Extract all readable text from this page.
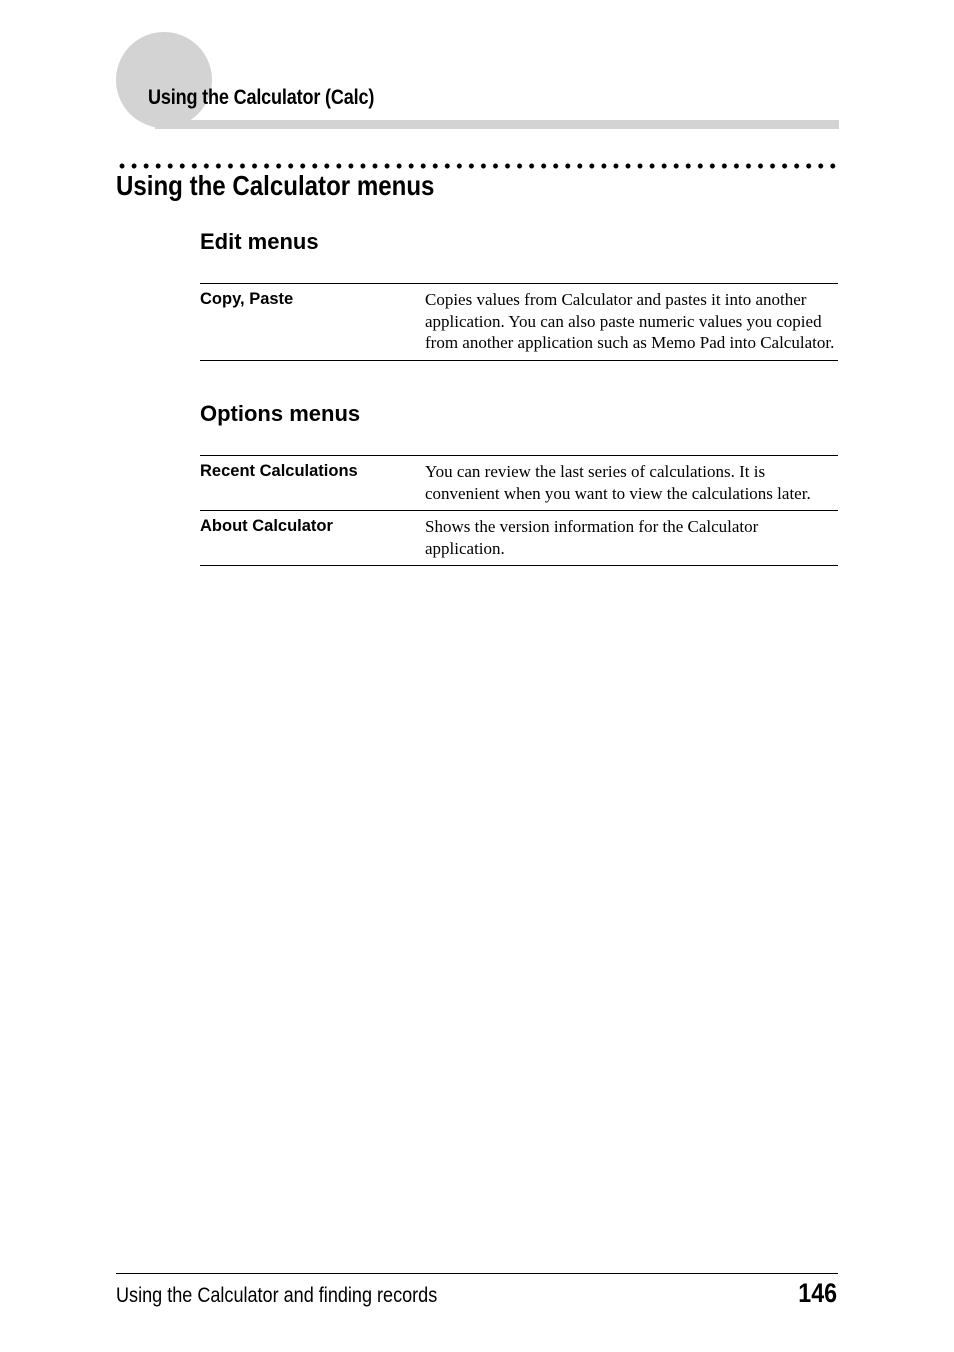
Using the Calculator (Calc)
Using the Calculator menus
Edit menus
Copy, Paste	Copies values from Calculator and pastes it into another application. You can also paste numeric values you copied from another application such as Memo Pad into Calculator.
Options menus
Recent Calculations	You can review the last series of calculations. It is convenient when you want to view the calculations later.
About Calculator	Shows the version information for the Calculator application.
Using the Calculator and finding records	146
